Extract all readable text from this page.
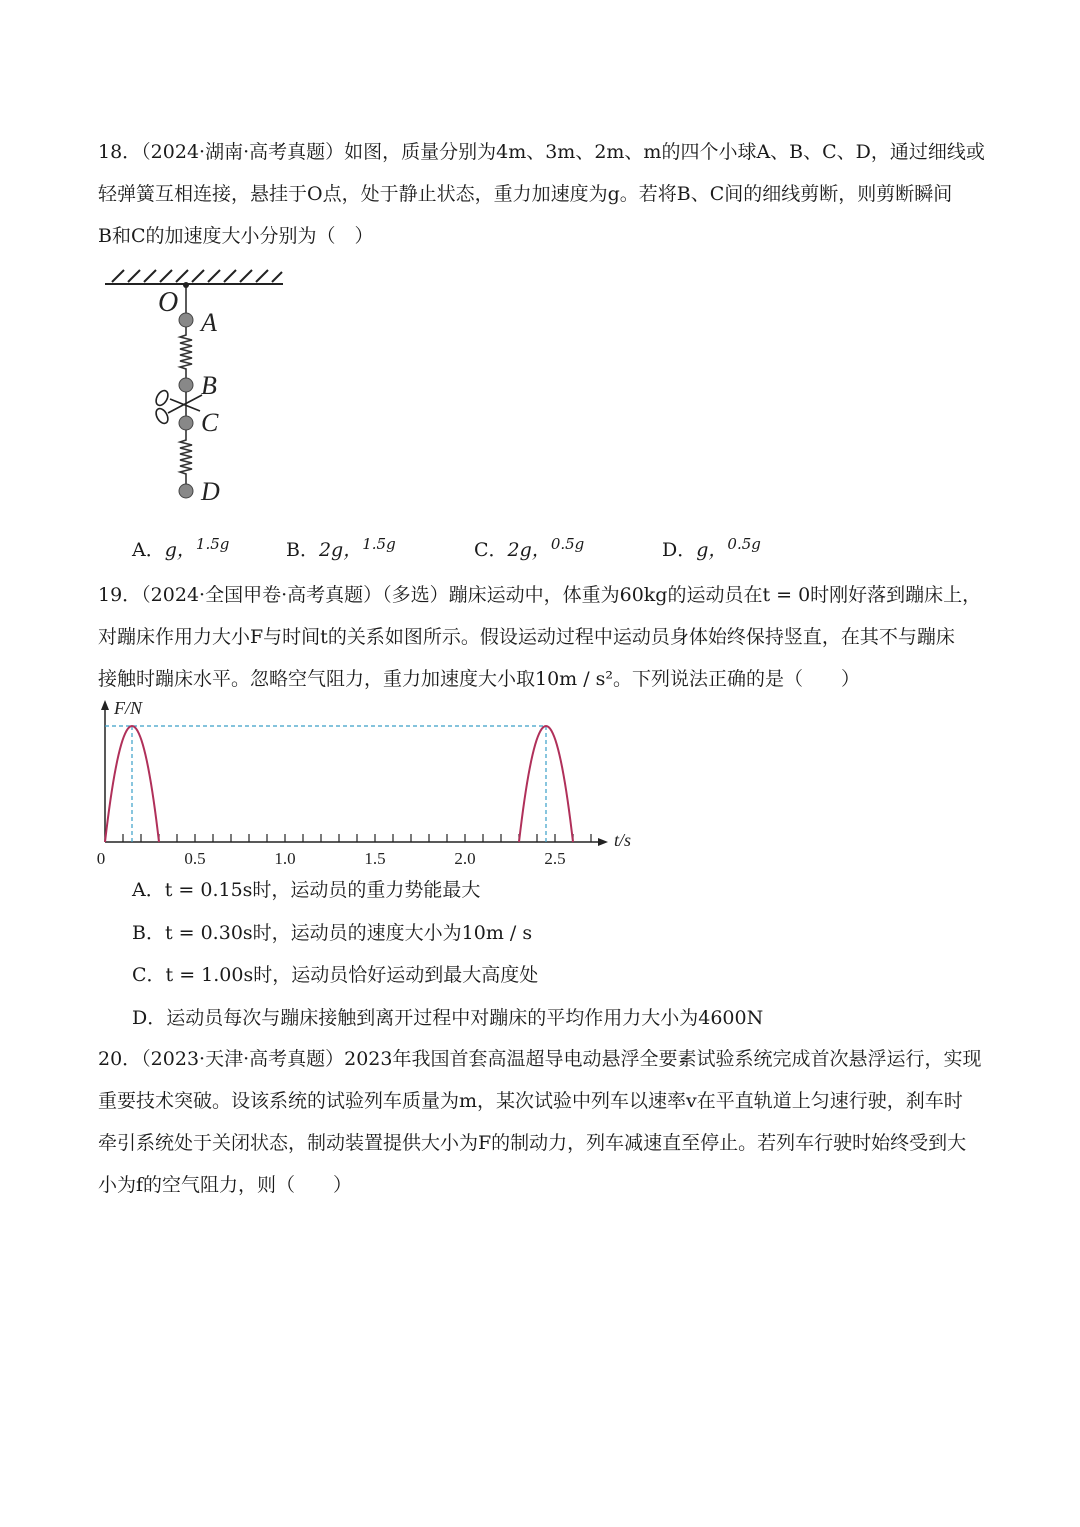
18．（2024·湖南·高考真题）如图，质量分别为4m、3m、2m、m的四个小球A、B、C、D，通过细线或
轻弹簧互相连接，悬挂于O点，处于静止状态，重力加速度为g。若将B、C间的细线剪断，则剪断瞬间
B和C的加速度大小分别为（　）
O
A
B
C
D
A．g，$^{1.5g}$	B．2g，$^{1.5g}$	C．2g，$^{0.5g}$	D．g，$^{0.5g}$
19．（2024·全国甲卷·高考真题）（多选）蹦床运动中，体重为60kg的运动员在t = 0时刚好落到蹦床上，
对蹦床作用力大小F与时间t的关系如图所示。假设运动过程中运动员身体始终保持竖直，在其不与蹦床
接触时蹦床水平。忽略空气阻力，重力加速度大小取10m / s²。下列说法正确的是（　　）
F/N
t/s
0	0.5	1.0	1.5	2.0	2.5
A．t = 0.15s时，运动员的重力势能最大
B．t = 0.30s时，运动员的速度大小为10m / s
C．t = 1.00s时，运动员恰好运动到最大高度处
D．运动员每次与蹦床接触到离开过程中对蹦床的平均作用力大小为4600N
20．（2023·天津·高考真题）2023年我国首套高温超导电动悬浮全要素试验系统完成首次悬浮运行，实现
重要技术突破。设该系统的试验列车质量为m，某次试验中列车以速率v在平直轨道上匀速行驶，刹车时
牵引系统处于关闭状态，制动装置提供大小为F的制动力，列车减速直至停止。若列车行驶时始终受到大
小为f的空气阻力，则（　　）
